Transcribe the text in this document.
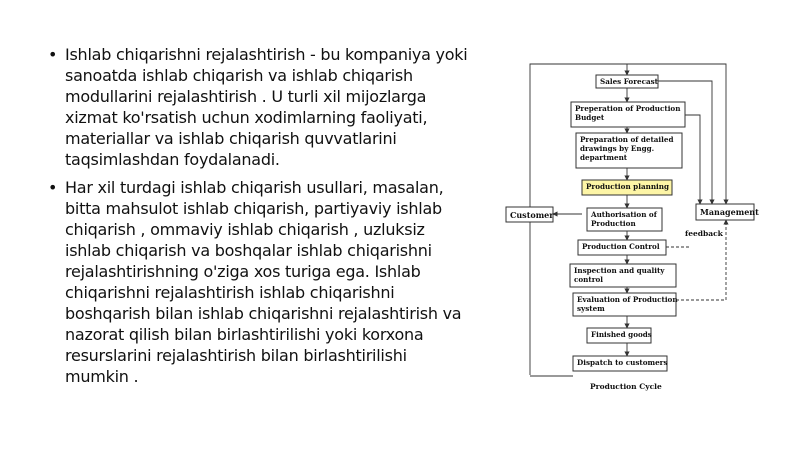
• Ishlab chiqarishni rejalashtirish - bu kompaniya yoki sanoatda ishlab chiqarish va ishlab chiqarish modullarini rejalashtirish . U turli xil mijozlarga xizmat ko'rsatish uchun xodimlarning faoliyati, materiallar va ishlab chiqarish quvvatlarini taqsimlashdan foydalanadi.
• Har xil turdagi ishlab chiqarish usullari, masalan, bitta mahsulot ishlab chiqarish, partiyaviy ishlab chiqarish , ommaviy ishlab chiqarish , uzluksiz ishlab chiqarish va boshqalar ishlab chiqarishni rejalashtirishning o'ziga xos turiga ega. Ishlab chiqarishni rejalashtirish ishlab chiqarishni boshqarish bilan ishlab chiqarishni rejalashtirish va nazorat qilish bilan birlashtirilishi yoki korxona resurslarini rejalashtirish bilan birlashtirilishi mumkin .
Sales Forecast
Preperation of Production
Budget
Preparation of detailed
drawings by Engg.
department
Production planning
Authorisation of
Production
Production Control
Inspection and quality
control
Evaluation of Production
system
Finished goods
Dispatch to customers
Customer	Management
feedback
Production Cycle
